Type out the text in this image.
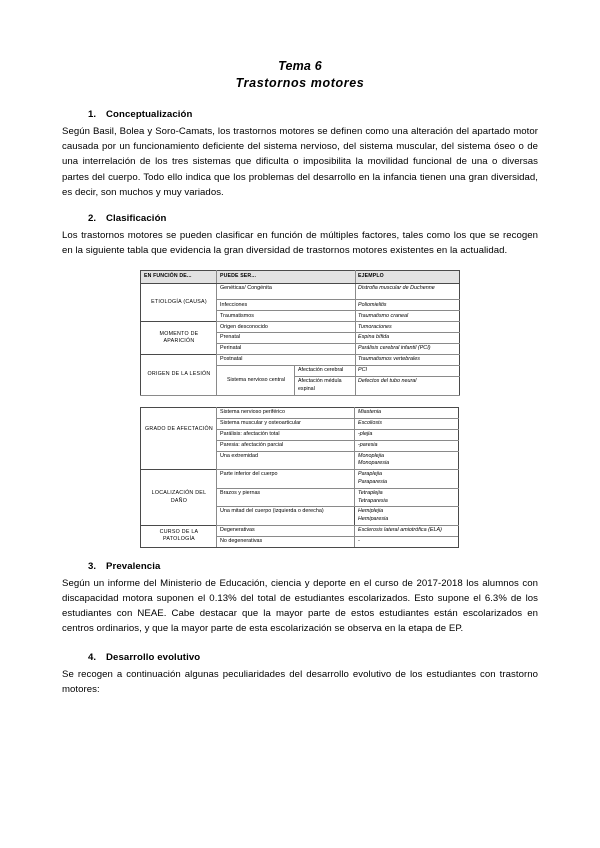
Tema 6
Trastornos motores
1. Conceptualización

Según Basil, Bolea y Soro-Camats, los trastornos motores se definen como una alteración del apartado motor causada por un funcionamiento deficiente del sistema nervioso, del sistema muscular, del sistema óseo o de una interrelación de los tres sistemas que dificulta o imposibilita la movilidad funcional de una o diversas partes del cuerpo. Todo ello indica que los problemas del desarrollo en la infancia tienen una gran diversidad, es decir, son muchos y muy variados.

2. Clasificación

Los trastornos motores se pueden clasificar en función de múltiples factores, tales como los que se recogen en la siguiente tabla que evidencia la gran diversidad de trastornos motores existentes en la actualidad.

EN FUNCIÓN DE...	PUEDE SER...		EJEMPLO
ETIOLOGÍA (CAUSA)	Genéticas/ Congénita		Distrofia muscular de Duchenne
	Infecciones		Poliomielitis
	Traumatismos		Traumatismo craneal
MOMENTO DE APARICIÓN	Origen desconocido		Tumoraciones
	Prenatal		Espina bífida
	Perinatal		Parálisis cerebral infantil (PCI)
ORIGEN DE LA LESIÓN	Postnatal		Traumatismos vertebrales
	Sistema nervioso central	Afectación cerebral	PCI
		Afectación médula espinal	Defectos del tubo neural
GRADO DE AFECTACIÓN	Sistema nervioso periférico	Miastenia
	Sistema muscular y osteoarticular	Escoliosis
	Parálisis: afectación total	-plejia
	Paresia: afectación parcial	-paresia
	Una extremidad	Monoplejia
Monoparesia

LOCALIZACIÓN DEL DAÑO	Parte inferior del cuerpo	Paraplejia
Paraparesia

	Brazos y piernas	Tetraplejia
Tetraparesia

	Una mitad del cuerpo (izquierda o derecha)	Hemiplejia
Hemiparesia

CURSO DE LA PATOLOGÍA	Degenerativas	Esclerosis lateral amiotrófica (ELA)
	No degenerativas	-
3. Prevalencia

Según un informe del Ministerio de Educación, ciencia y deporte en el curso de 2017-2018 los alumnos con discapacidad motora suponen el 0.13% del total de estudiantes escolarizados. Esto supone el 6.3% de los estudiantes con NEAE. Cabe destacar que la mayor parte de estos estudiantes están escolarizados en centros ordinarios, y que la mayor parte de esta escolarización se observa en la etapa de EP.

4. Desarrollo evolutivo

Se recogen a continuación algunas peculiaridades del desarrollo evolutivo de los estudiantes con trastorno motores:
